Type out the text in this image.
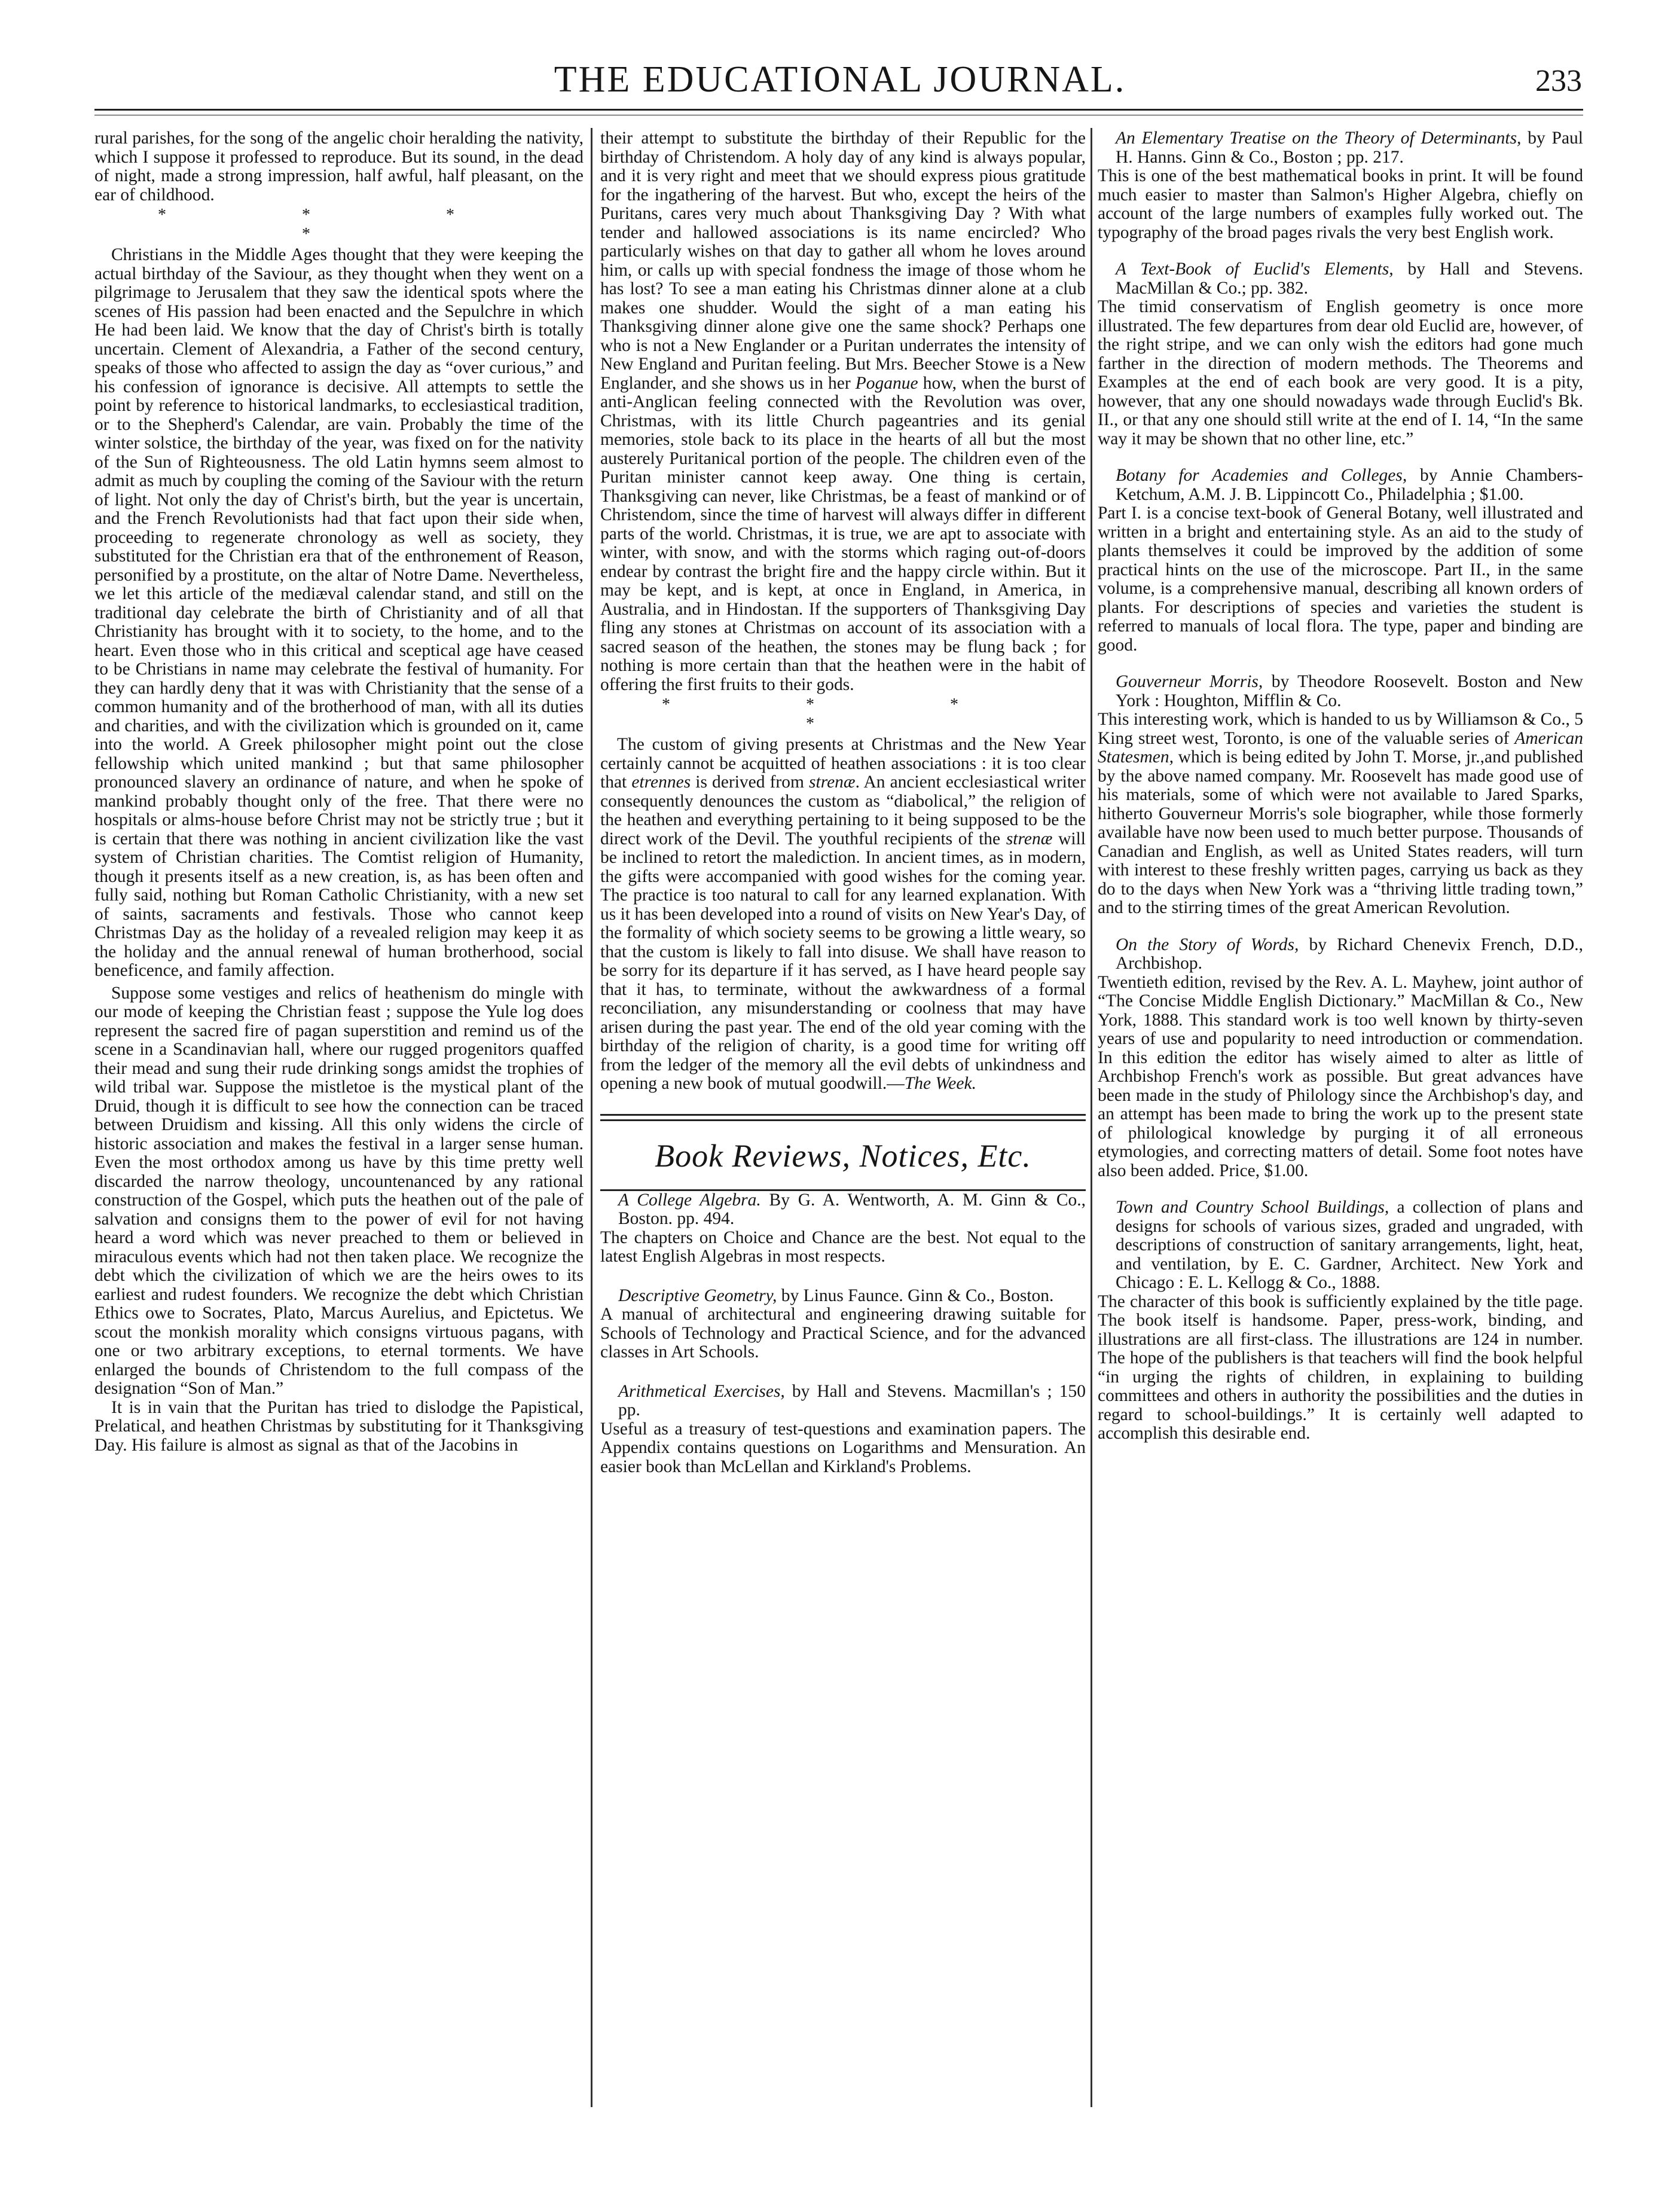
THE EDUCATIONAL JOURNAL.	233

rural parishes, for the song of the angelic choir heralding the nativity, which I suppose it professed to reproduce. But its sound, in the dead of night, made a strong impression, half awful, half pleasant, on the ear of childhood.

* * * *

Christians in the Middle Ages thought that they were keeping the actual birthday of the Saviour, as they thought when they went on a pilgrimage to Jerusalem that they saw the identical spots where the scenes of His passion had been enacted and the Sepulchre in which He had been laid. We know that the day of Christ's birth is totally uncertain. Clement of Alexandria, a Father of the second century, speaks of those who affected to assign the day as “over curious,” and his confession of ignorance is decisive. All attempts to settle the point by reference to historical landmarks, to ecclesiastical tradition, or to the Shepherd's Calendar, are vain. Probably the time of the winter solstice, the birthday of the year, was fixed on for the nativity of the Sun of Righteousness. The old Latin hymns seem almost to admit as much by coupling the coming of the Saviour with the return of light. Not only the day of Christ's birth, but the year is uncertain, and the French Revolutionists had that fact upon their side when, proceeding to regenerate chronology as well as society, they substituted for the Christian era that of the enthronement of Reason, personified by a prostitute, on the altar of Notre Dame. Nevertheless, we let this article of the mediæval calendar stand, and still on the traditional day celebrate the birth of Christianity and of all that Christianity has brought with it to society, to the home, and to the heart. Even those who in this critical and sceptical age have ceased to be Christians in name may celebrate the festival of humanity. For they can hardly deny that it was with Christianity that the sense of a common humanity and of the brotherhood of man, with all its duties and charities, and with the civilization which is grounded on it, came into the world. A Greek philosopher might point out the close fellowship which united mankind ; but that same philosopher pronounced slavery an ordinance of nature, and when he spoke of mankind probably thought only of the free. That there were no hospitals or alms-house before Christ may not be strictly true ; but it is certain that there was nothing in ancient civilization like the vast system of Christian charities. The Comtist religion of Humanity, though it presents itself as a new creation, is, as has been often and fully said, nothing but Roman Catholic Christianity, with a new set of saints, sacraments and festivals. Those who cannot keep Christmas Day as the holiday of a revealed religion may keep it as the holiday and the annual renewal of human brotherhood, social beneficence, and family affection.

Suppose some vestiges and relics of heathenism do mingle with our mode of keeping the Christian feast ; suppose the Yule log does represent the sacred fire of pagan superstition and remind us of the scene in a Scandinavian hall, where our rugged progenitors quaffed their mead and sung their rude drinking songs amidst the trophies of wild tribal war. Suppose the mistletoe is the mystical plant of the Druid, though it is difficult to see how the connection can be traced between Druidism and kissing. All this only widens the circle of historic association and makes the festival in a larger sense human. Even the most orthodox among us have by this time pretty well discarded the narrow theology, uncountenanced by any rational construction of the Gospel, which puts the heathen out of the pale of salvation and consigns them to the power of evil for not having heard a word which was never preached to them or believed in miraculous events which had not then taken place. We recognize the debt which the civilization of which we are the heirs owes to its earliest and rudest founders. We recognize the debt which Christian Ethics owe to Socrates, Plato, Marcus Aurelius, and Epictetus. We scout the monkish morality which consigns virtuous pagans, with one or two arbitrary exceptions, to eternal torments. We have enlarged the bounds of Christendom to the full compass of the designation “Son of Man.”

It is in vain that the Puritan has tried to dislodge the Papistical, Prelatical, and heathen Christmas by substituting for it Thanksgiving Day. His failure is almost as signal as that of the Jacobins in

their attempt to substitute the birthday of their Republic for the birthday of Christendom. A holy day of any kind is always popular, and it is very right and meet that we should express pious gratitude for the ingathering of the harvest. But who, except the heirs of the Puritans, cares very much about Thanksgiving Day ? With what tender and hallowed associations is its name encircled? Who particularly wishes on that day to gather all whom he loves around him, or calls up with special fondness the image of those whom he has lost? To see a man eating his Christmas dinner alone at a club makes one shudder. Would the sight of a man eating his Thanksgiving dinner alone give one the same shock? Perhaps one who is not a New Englander or a Puritan underrates the intensity of New England and Puritan feeling. But Mrs. Beecher Stowe is a New Englander, and she shows us in her Poganue how, when the burst of anti-Anglican feeling connected with the Revolution was over, Christmas, with its little Church pageantries and its genial memories, stole back to its place in the hearts of all but the most austerely Puritanical portion of the people. The children even of the Puritan minister cannot keep away. One thing is certain, Thanksgiving can never, like Christmas, be a feast of mankind or of Christendom, since the time of harvest will always differ in different parts of the world. Christmas, it is true, we are apt to associate with winter, with snow, and with the storms which raging out-of-doors endear by contrast the bright fire and the happy circle within. But it may be kept, and is kept, at once in England, in America, in Australia, and in Hindostan. If the supporters of Thanksgiving Day fling any stones at Christmas on account of its association with a sacred season of the heathen, the stones may be flung back ; for nothing is more certain than that the heathen were in the habit of offering the first fruits to their gods.

* * * *

The custom of giving presents at Christmas and the New Year certainly cannot be acquitted of heathen associations : it is too clear that etrennes is derived from strenæ. An ancient ecclesiastical writer consequently denounces the custom as “diabolical,” the religion of the heathen and everything pertaining to it being supposed to be the direct work of the Devil. The youthful recipients of the strenæ will be inclined to retort the malediction. In ancient times, as in modern, the gifts were accompanied with good wishes for the coming year. The practice is too natural to call for any learned explanation. With us it has been developed into a round of visits on New Year's Day, of the formality of which society seems to be growing a little weary, so that the custom is likely to fall into disuse. We shall have reason to be sorry for its departure if it has served, as I have heard people say that it has, to terminate, without the awkwardness of a formal reconciliation, any misunderstanding or coolness that may have arisen during the past year. The end of the old year coming with the birthday of the religion of charity, is a good time for writing off from the ledger of the memory all the evil debts of unkindness and opening a new book of mutual goodwill.—The Week.

Book Reviews, Notices, Etc.

A College Algebra. By G. A. Wentworth, A. M. Ginn & Co., Boston. pp. 494.

The chapters on Choice and Chance are the best. Not equal to the latest English Algebras in most respects.

Descriptive Geometry, by Linus Faunce. Ginn & Co., Boston.

A manual of architectural and engineering drawing suitable for Schools of Technology and Practical Science, and for the advanced classes in Art Schools.

Arithmetical Exercises, by Hall and Stevens. Macmillan's ; 150 pp.

Useful as a treasury of test-questions and examination papers. The Appendix contains questions on Logarithms and Mensuration. An easier book than McLellan and Kirkland's Problems.

An Elementary Treatise on the Theory of Determinants, by Paul H. Hanns. Ginn & Co., Boston ; pp. 217.

This is one of the best mathematical books in print. It will be found much easier to master than Salmon's Higher Algebra, chiefly on account of the large numbers of examples fully worked out. The typography of the broad pages rivals the very best English work.

A Text-Book of Euclid's Elements, by Hall and Stevens. MacMillan & Co.; pp. 382.

The timid conservatism of English geometry is once more illustrated. The few departures from dear old Euclid are, however, of the right stripe, and we can only wish the editors had gone much farther in the direction of modern methods. The Theorems and Examples at the end of each book are very good. It is a pity, however, that any one should nowadays wade through Euclid's Bk. II., or that any one should still write at the end of I. 14, “In the same way it may be shown that no other line, etc.”

Botany for Academies and Colleges, by Annie Chambers-Ketchum, A.M. J. B. Lippincott Co., Philadelphia ; $1.00.

Part I. is a concise text-book of General Botany, well illustrated and written in a bright and entertaining style. As an aid to the study of plants themselves it could be improved by the addition of some practical hints on the use of the microscope. Part II., in the same volume, is a comprehensive manual, describing all known orders of plants. For descriptions of species and varieties the student is referred to manuals of local flora. The type, paper and binding are good.

Gouverneur Morris, by Theodore Roosevelt. Boston and New York : Houghton, Mifflin & Co.

This interesting work, which is handed to us by Williamson & Co., 5 King street west, Toronto, is one of the valuable series of American Statesmen, which is being edited by John T. Morse, jr.,and published by the above named company. Mr. Roosevelt has made good use of his materials, some of which were not available to Jared Sparks, hitherto Gouverneur Morris's sole biographer, while those formerly available have now been used to much better purpose. Thousands of Canadian and English, as well as United States readers, will turn with interest to these freshly written pages, carrying us back as they do to the days when New York was a “thriving little trading town,” and to the stirring times of the great American Revolution.

On the Story of Words, by Richard Chenevix French, D.D., Archbishop.

Twentieth edition, revised by the Rev. A. L. Mayhew, joint author of “The Concise Middle English Dictionary.” MacMillan & Co., New York, 1888. This standard work is too well known by thirty-seven years of use and popularity to need introduction or commendation. In this edition the editor has wisely aimed to alter as little of Archbishop French's work as possible. But great advances have been made in the study of Philology since the Archbishop's day, and an attempt has been made to bring the work up to the present state of philological knowledge by purging it of all erroneous etymologies, and correcting matters of detail. Some foot notes have also been added. Price, $1.00.

Town and Country School Buildings, a collection of plans and designs for schools of various sizes, graded and ungraded, with descriptions of construction of sanitary arrangements, light, heat, and ventilation, by E. C. Gardner, Architect. New York and Chicago : E. L. Kellogg & Co., 1888.

The character of this book is sufficiently explained by the title page. The book itself is handsome. Paper, press-work, binding, and illustrations are all first-class. The illustrations are 124 in number. The hope of the publishers is that teachers will find the book helpful “in urging the rights of children, in explaining to building committees and others in authority the possibilities and the duties in regard to school-buildings.” It is certainly well adapted to accomplish this desirable end.
